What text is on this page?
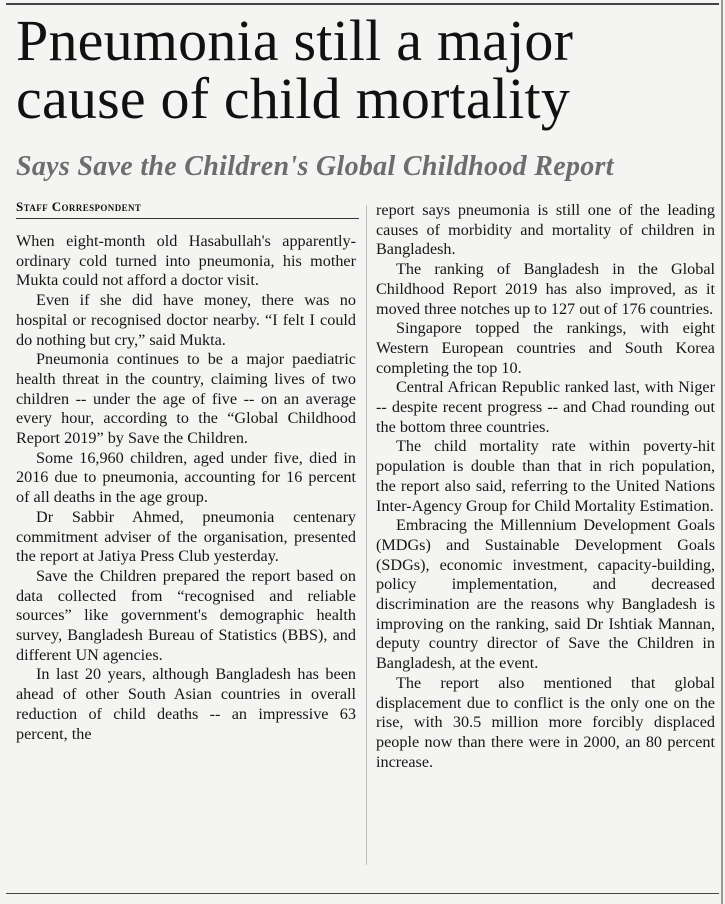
Pneumonia still a major cause of child mortality
Says Save the Children's Global Childhood Report
Staff Correspondent

When eight-month old Hasabullah's apparently-ordinary cold turned into pneumonia, his mother Mukta could not afford a doctor visit.

Even if she did have money, there was no hospital or recognised doctor nearby. “I felt I could do nothing but cry,” said Mukta.

Pneumonia continues to be a major paediatric health threat in the country, claiming lives of two children -- under the age of five -- on an average every hour, according to the “Global Childhood Report 2019” by Save the Children.

Some 16,960 children, aged under five, died in 2016 due to pneumonia, accounting for 16 percent of all deaths in the age group.

Dr Sabbir Ahmed, pneumonia centenary commitment adviser of the organisation, presented the report at Jatiya Press Club yesterday.

Save the Children prepared the report based on data collected from “recognised and reliable sources” like government's demographic health survey, Bangladesh Bureau of Statistics (BBS), and different UN agencies.

In last 20 years, although Bangladesh has been ahead of other South Asian countries in overall reduction of child deaths -- an impressive 63 percent, the

report says pneumonia is still one of the leading causes of morbidity and mortality of children in Bangladesh.

The ranking of Bangladesh in the Global Childhood Report 2019 has also improved, as it moved three notches up to 127 out of 176 countries.

Singapore topped the rankings, with eight Western European countries and South Korea completing the top 10.

Central African Republic ranked last, with Niger -- despite recent progress -- and Chad rounding out the bottom three countries.

The child mortality rate within poverty-hit population is double than that in rich population, the report also said, referring to the United Nations Inter-Agency Group for Child Mortality Estimation.

Embracing the Millennium Development Goals (MDGs) and Sustainable Development Goals (SDGs), economic investment, capacity-building, policy implementation, and decreased discrimination are the reasons why Bangladesh is improving on the ranking, said Dr Ishtiak Mannan, deputy country director of Save the Children in Bangladesh, at the event.

The report also mentioned that global displacement due to conflict is the only one on the rise, with 30.5 million more forcibly displaced people now than there were in 2000, an 80 percent increase.
